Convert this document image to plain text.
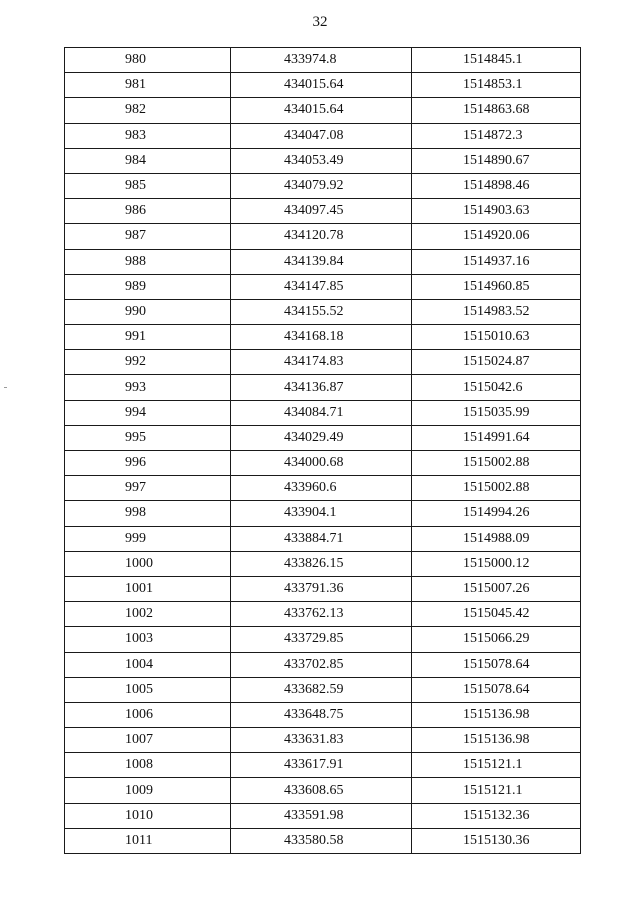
32
980	433974.8	1514845.1
981	434015.64	1514853.1
982	434015.64	1514863.68
983	434047.08	1514872.3
984	434053.49	1514890.67
985	434079.92	1514898.46
986	434097.45	1514903.63
987	434120.78	1514920.06
988	434139.84	1514937.16
989	434147.85	1514960.85
990	434155.52	1514983.52
991	434168.18	1515010.63
992	434174.83	1515024.87
993	434136.87	1515042.6
994	434084.71	1515035.99
995	434029.49	1514991.64
996	434000.68	1515002.88
997	433960.6	1515002.88
998	433904.1	1514994.26
999	433884.71	1514988.09
1000	433826.15	1515000.12
1001	433791.36	1515007.26
1002	433762.13	1515045.42
1003	433729.85	1515066.29
1004	433702.85	1515078.64
1005	433682.59	1515078.64
1006	433648.75	1515136.98
1007	433631.83	1515136.98
1008	433617.91	1515121.1
1009	433608.65	1515121.1
1010	433591.98	1515132.36
1011	433580.58	1515130.36
